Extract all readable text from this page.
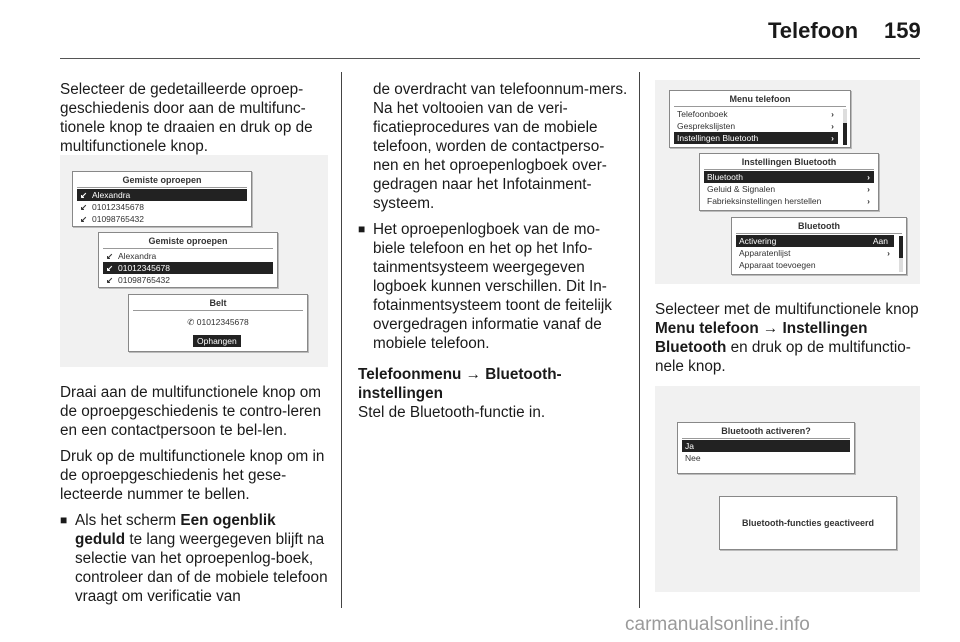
Telefoon 159

Selecteer de gedetailleerde oproep-geschiedenis door aan de multifunc-tionele knop te draaien en druk op de multifunctionele knop.

Gemiste oproepen
↙ Alexandra
↙ 01012345678
↙ 01098765432
Gemiste oproepen
↙ Alexandra
↙ 01012345678
↙ 01098765432
Belt
✆ 01012345678
Ophangen

Draai aan de multifunctionele knop om de oproepgeschiedenis te contro-leren en een contactpersoon te bel-len.

Druk op de multifunctionele knop om in de oproepgeschiedenis het gese-lecteerde nummer te bellen.

■ Als het scherm Een ogenblik geduld te lang weergegeven blijft na selectie van het oproepenlog-boek, controleer dan of de mobiele telefoon vraagt om verificatie van

de overdracht van telefoonnum-mers. Na het voltooien van de veri-ficatieprocedures van de mobiele telefoon, worden de contactperso-nen en het oproepenlogboek over-gedragen naar het Infotainment-systeem.

■ Het oproepenlogboek van de mo-biele telefoon en het op het Info-tainmentsysteem weergegeven logboek kunnen verschillen. Dit In-fotainmentsysteem toont de feitelijk overgedragen informatie vanaf de mobiele telefoon.

Telefoonmenu → Bluetooth-instellingen

Stel de Bluetooth-functie in.

Menu telefoon
Telefoonboek	›
Gesprekslijsten	›
Instellingen Bluetooth	›
Instellingen Bluetooth
Bluetooth	›
Geluid & Signalen	›
Fabrieksinstellingen herstellen	›
Bluetooth
Activering	Aan
Apparatenlijst	›
Apparaat toevoegen

Selecteer met de multifunctionele knop Menu telefoon → Instellingen Bluetooth en druk op de multifunctio-nele knop.

Bluetooth activeren?
Ja
Nee
Bluetooth-functies geactiveerd
carmanualsonline.info
